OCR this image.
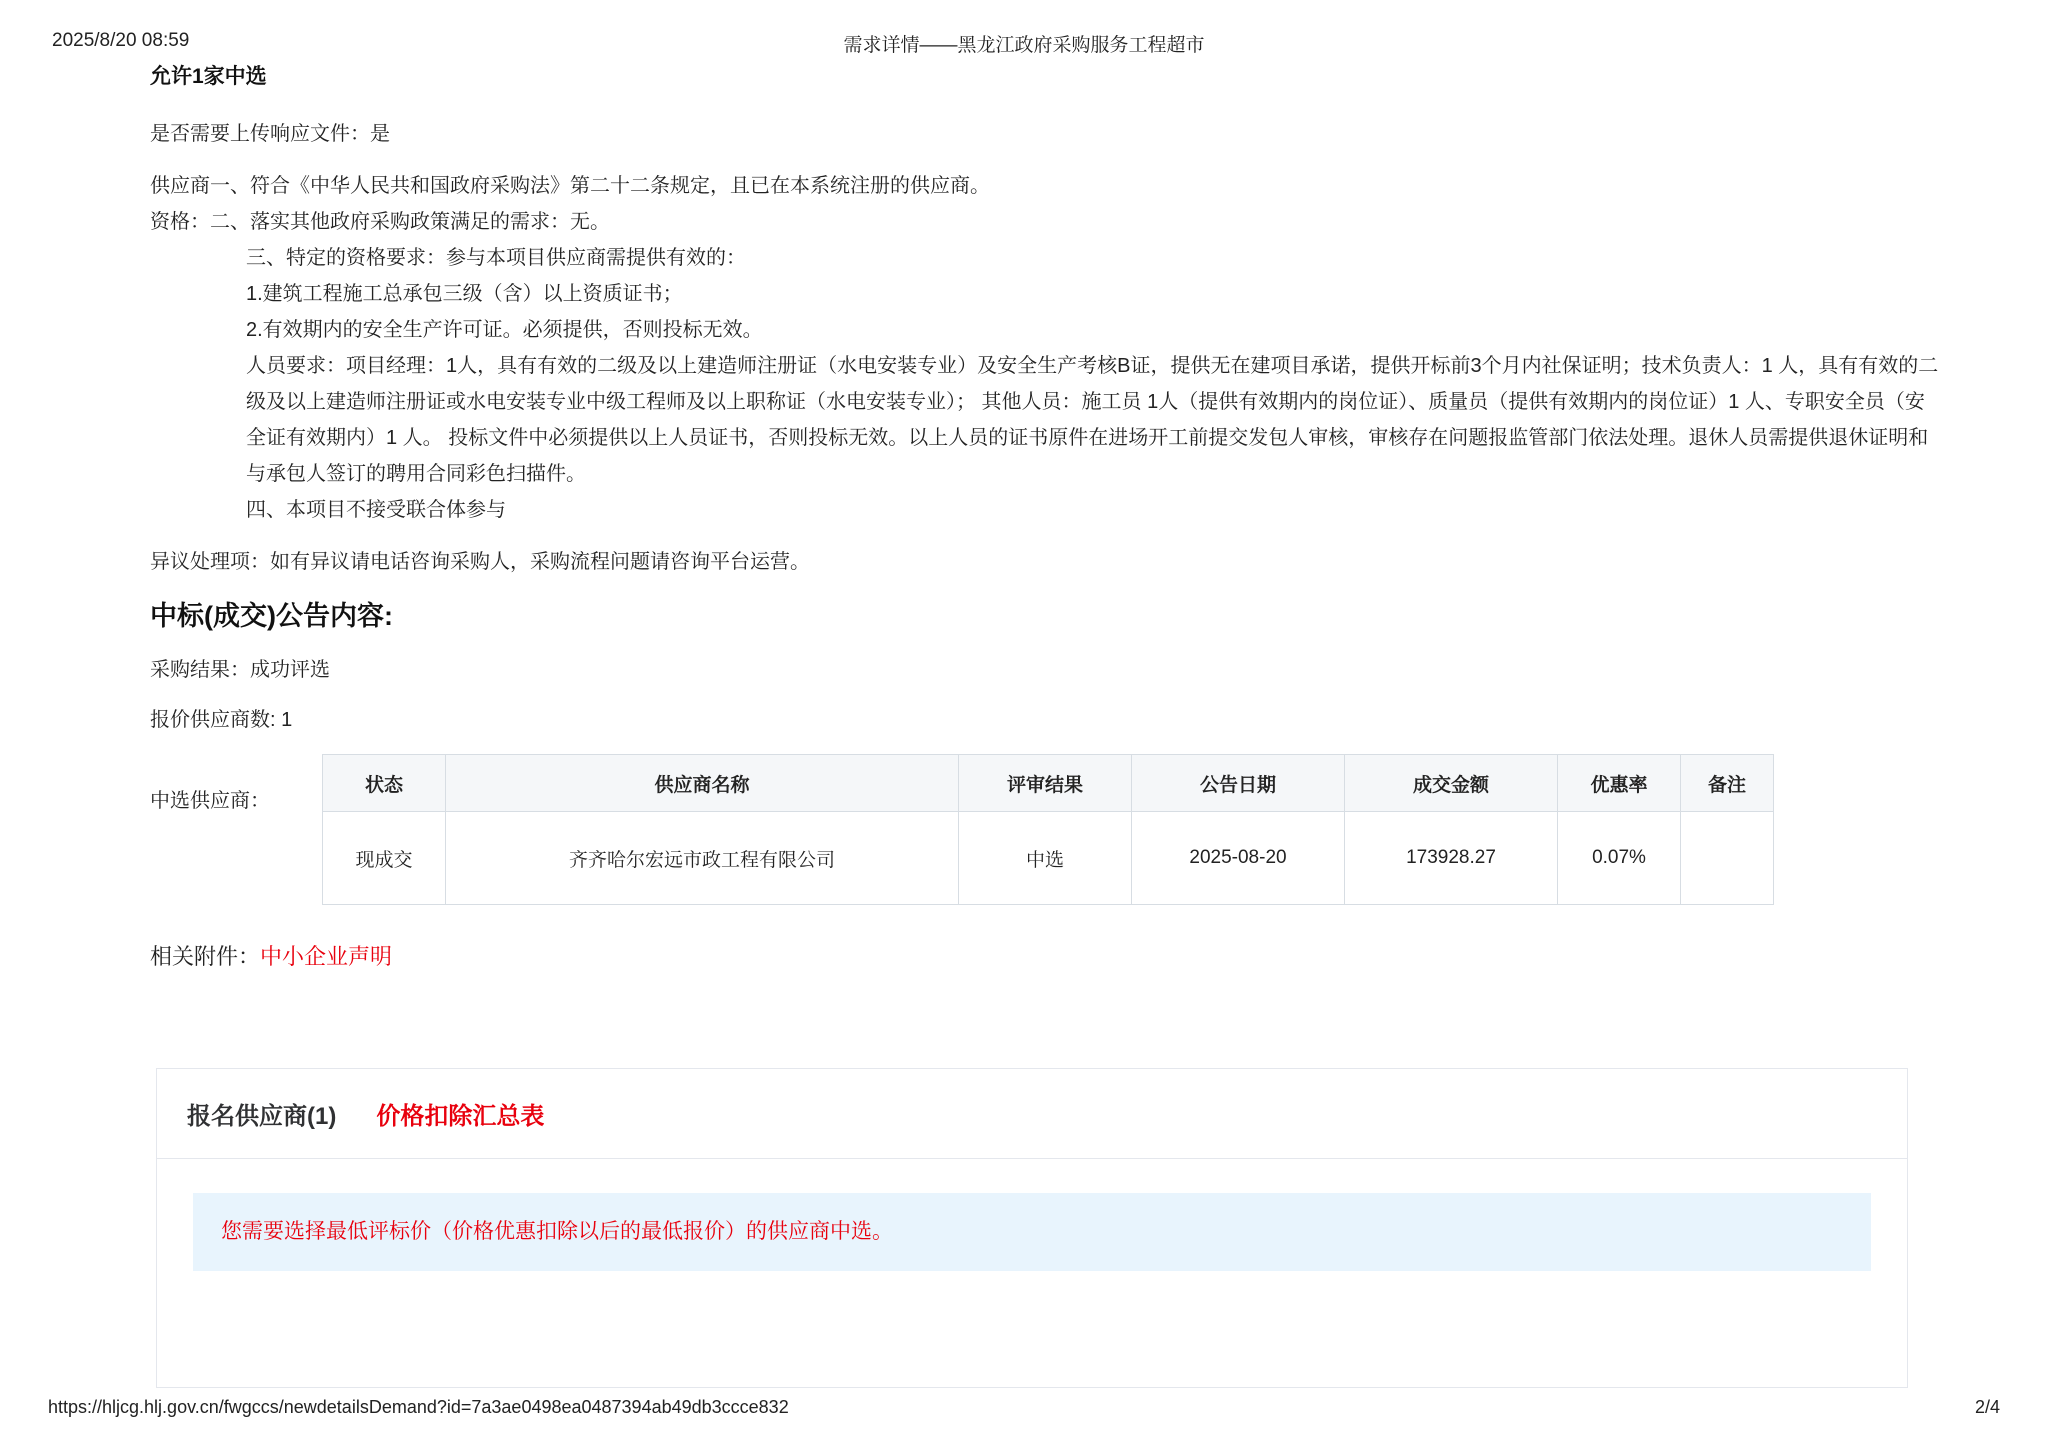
2025/8/20 08:59	需求详情——黑龙江政府采购服务工程超市
允许1家中选
是否需要上传响应文件：是
供应商资格：

一、符合《中华人民共和国政府采购法》第二十二条规定，且已在本系统注册的供应商。

二、落实其他政府采购政策满足的需求：无。

三、特定的资格要求：参与本项目供应商需提供有效的：

1.建筑工程施工总承包三级（含）以上资质证书；

2.有效期内的安全生产许可证。必须提供，否则投标无效。

人员要求：项目经理：1人，具有有效的二级及以上建造师注册证（水电安装专业）及安全生产考核B证，提供无在建项目承诺，提供开标前3个月内社保证明；技术负责人：1 人，具有有效的二级及以上建造师注册证或水电安装专业中级工程师及以上职称证（水电安装专业）； 其他人员：施工员 1人（提供有效期内的岗位证）、质量员（提供有效期内的岗位证）1 人、专职安全员（安全证有效期内）1 人。 投标文件中必须提供以上人员证书，否则投标无效。以上人员的证书原件在进场开工前提交发包人审核，审核存在问题报监管部门依法处理。退休人员需提供退休证明和与承包人签订的聘用合同彩色扫描件。

四、本项目不接受联合体参与

异议处理项：如有异议请电话咨询采购人，采购流程问题请咨询平台运营。
中标(成交)公告内容:
采购结果：成功评选
报价供应商数: 1
中选供应商：
状态	供应商名称	评审结果	公告日期	成交金额	优惠率	备注
现成交	齐齐哈尔宏远市政工程有限公司	中选	2025-08-20	173928.27	0.07%	
相关附件：中小企业声明
报名供应商(1) 价格扣除汇总表
您需要选择最低评标价（价格优惠扣除以后的最低报价）的供应商中选。
https://hljcg.hlj.gov.cn/fwgccs/newdetailsDemand?id=7a3ae0498ea0487394ab49db3ccce832	2/4
